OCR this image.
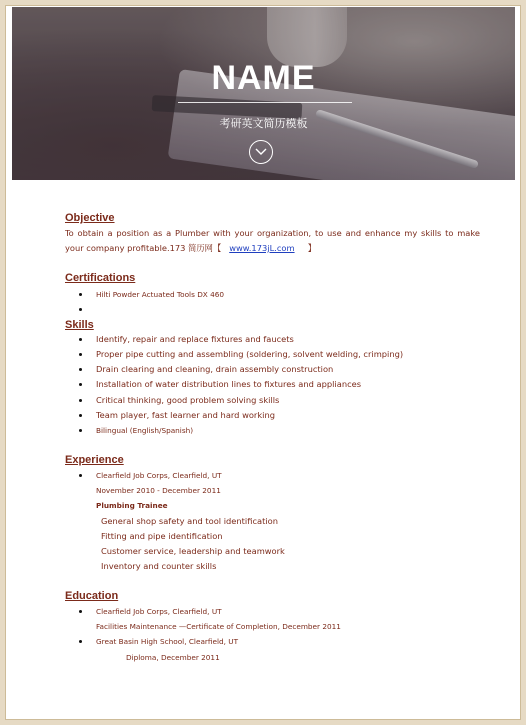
NAME
考研英文简历模板

Objective

To obtain a position as a Plumber with your organization, to use and enhance my skills to make your company profitable.173 简历网【 www.173jL.com 】

Certifications

Hilti Powder Actuated Tools DX 460

Skills

Identify, repair and replace fixtures and faucets
Proper pipe cutting and assembling (soldering, solvent welding, crimping)
Drain clearing and cleaning, drain assembly construction
Installation of water distribution lines to fixtures and appliances
Critical thinking, good problem solving skills
Team player, fast learner and hard working
Bilingual (English/Spanish)

Experience

Clearfield Job Corps, Clearfield, UT
November 2010 - December 2011
Plumbing Trainee
General shop safety and tool identification
Fitting and pipe identification
Customer service, leadership and teamwork
Inventory and counter skills

Education

Clearfield Job Corps, Clearfield, UT
Facilities Maintenance —Certificate of Completion, December 2011
Great Basin High School, Clearfield, UT
Diploma, December 2011
